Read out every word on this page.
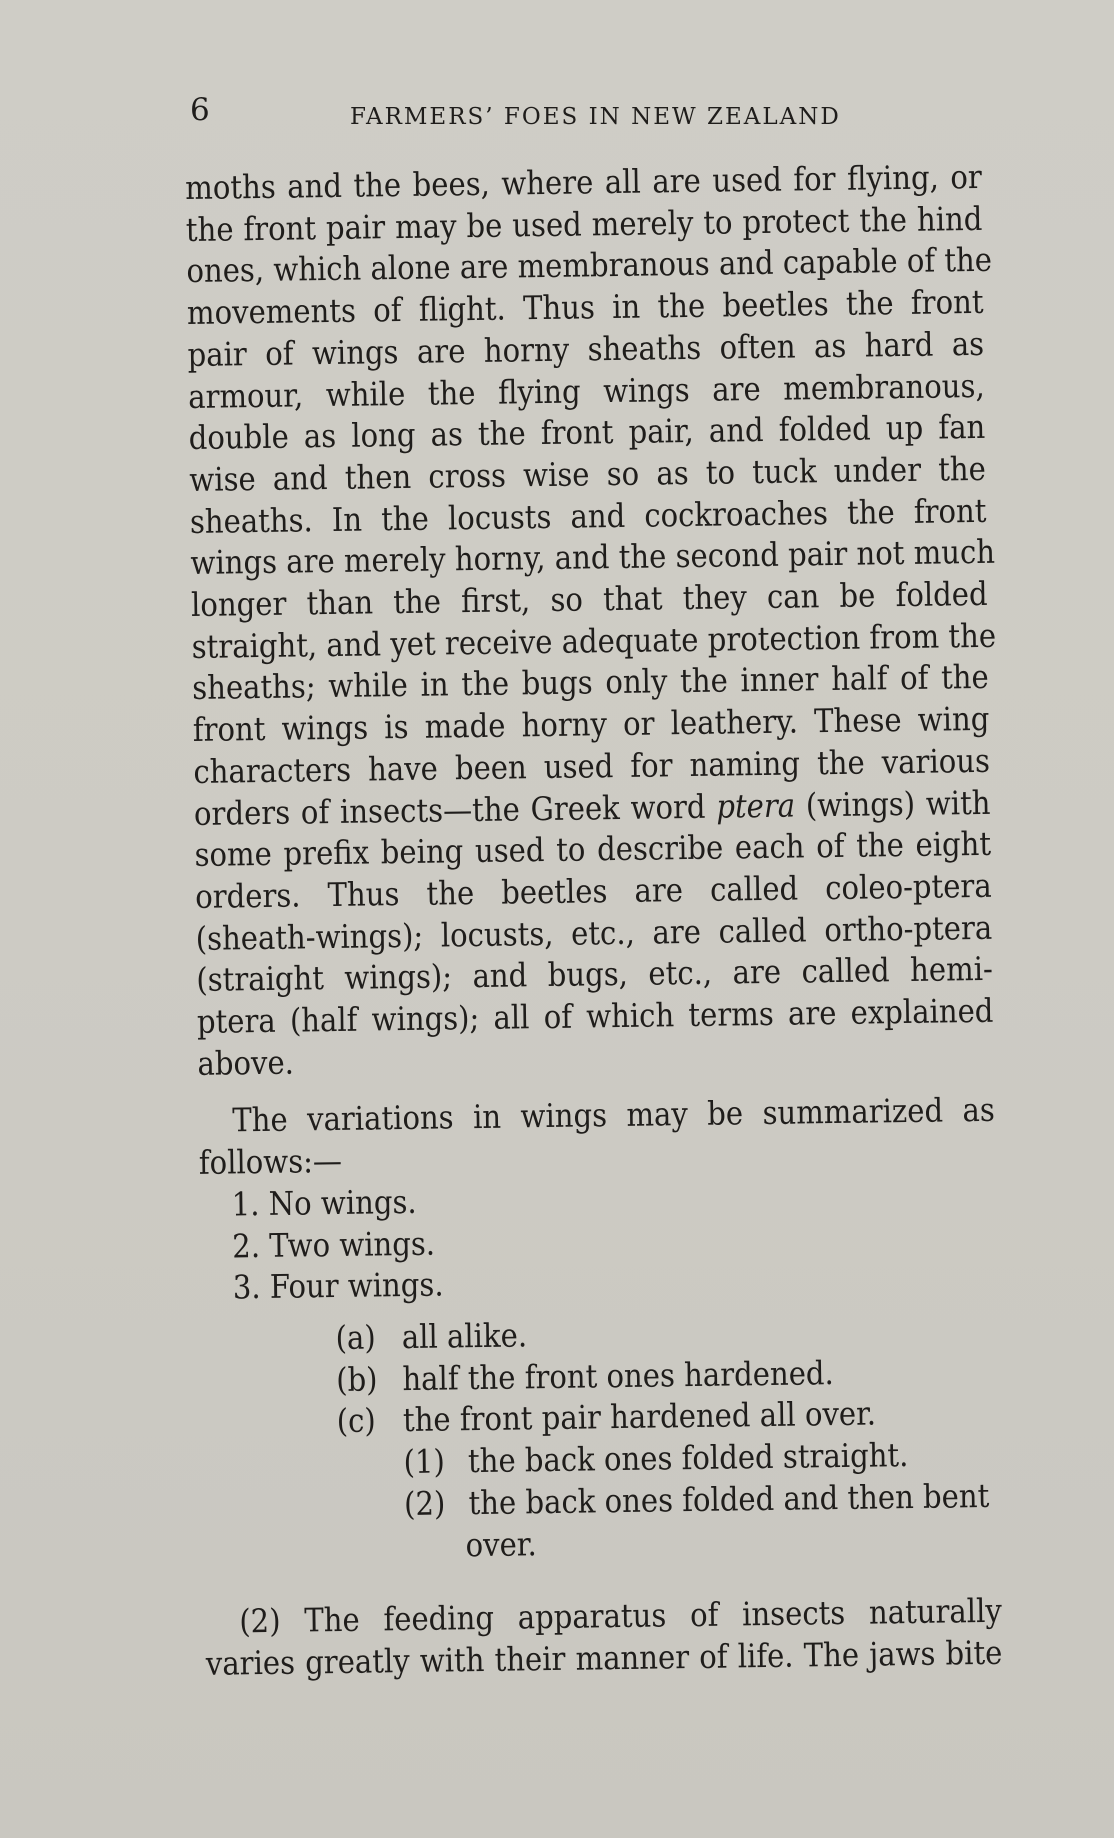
6	FARMERS’ FOES IN NEW ZEALAND
moths and the bees, where all are used for flying, or
the front pair may be used merely to protect the hind
ones, which alone are membranous and capable of the
movements of flight. Thus in the beetles the front
pair of wings are horny sheaths often as hard as
armour, while the flying wings are membranous,
double as long as the front pair, and folded up fan
wise and then cross wise so as to tuck under the
sheaths. In the locusts and cockroaches the front
wings are merely horny, and the second pair not much
longer than the first, so that they can be folded
straight, and yet receive adequate protection from the
sheaths; while in the bugs only the inner half of the
front wings is made horny or leathery. These wing
characters have been used for naming the various
orders of insects—the Greek word ptera (wings) with
some prefix being used to describe each of the eight
orders. Thus the beetles are called coleo-ptera
(sheath-wings); locusts, etc., are called ortho-ptera
(straight wings); and bugs, etc., are called hemi-
ptera (half wings); all of which terms are explained
above.
The variations in wings may be summarized as
follows:—
1. No wings.
2. Two wings.
3. Four wings.
(a) all alike.
(b) half the front ones hardened.
(c) the front pair hardened all over.
(1) the back ones folded straight.
(2) the back ones folded and then bent
over.
(2) The feeding apparatus of insects naturally
varies greatly with their manner of life. The jaws bite
